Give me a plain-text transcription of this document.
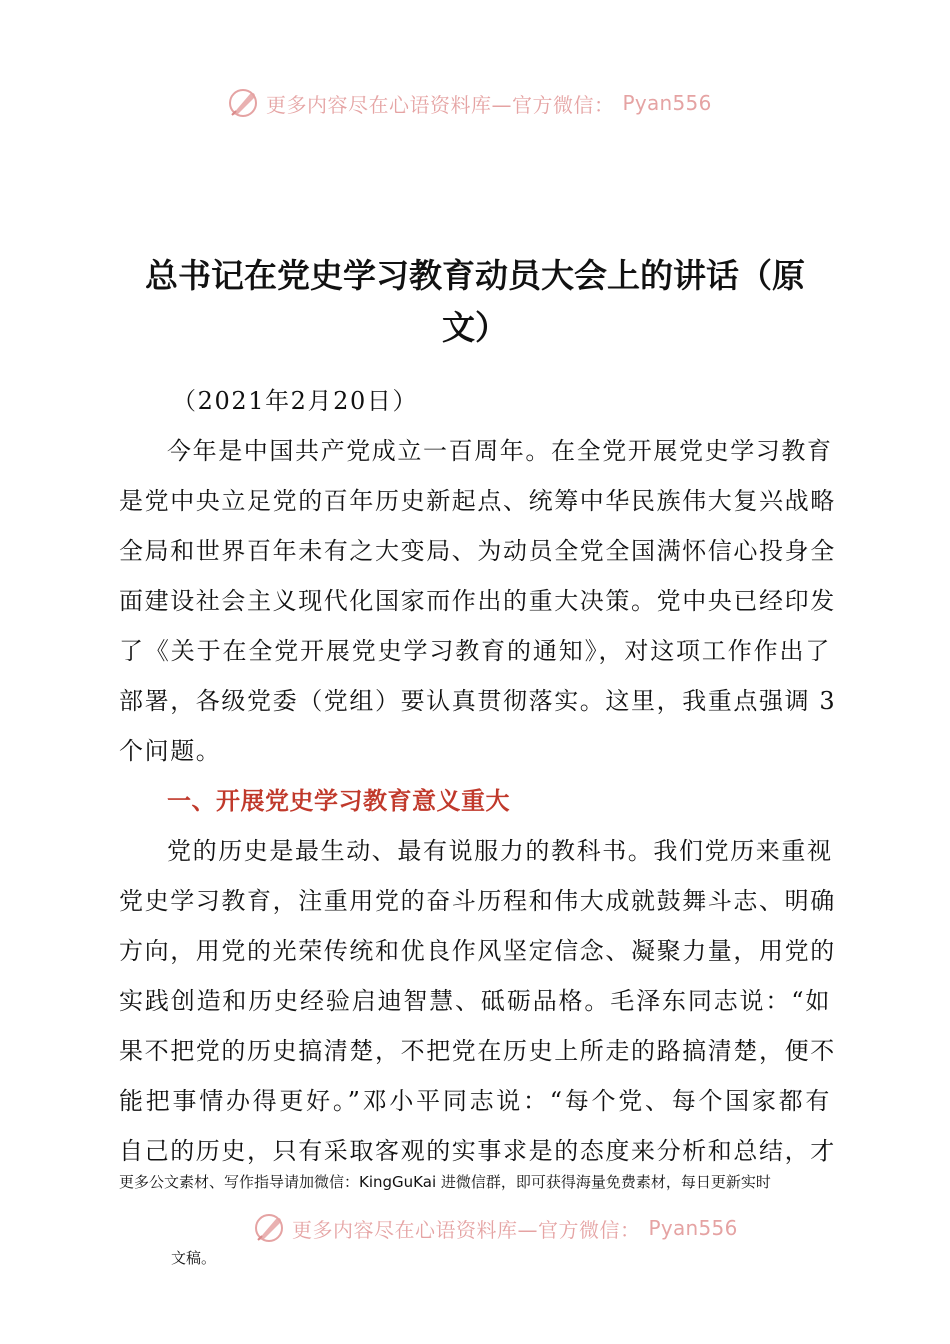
更多内容尽在心语资料库—官方微信： Pyan556
总书记在党史学习教育动员大会上的讲话（原
文）
（2021年2月20日）
今年是中国共产党成立一百周年。在全党开展党史学习教育
是党中央立足党的百年历史新起点、统筹中华民族伟大复兴战略
全局和世界百年未有之大变局、为动员全党全国满怀信心投身全
面建设社会主义现代化国家而作出的重大决策。党中央已经印发
了《关于在全党开展党史学习教育的通知》，对这项工作作出了
部署，各级党委（党组）要认真贯彻落实。这里，我重点强调 3
个问题。
一、开展党史学习教育意义重大
党的历史是最生动、最有说服力的教科书。我们党历来重视
党史学习教育，注重用党的奋斗历程和伟大成就鼓舞斗志、明确
方向，用党的光荣传统和优良作风坚定信念、凝聚力量，用党的
实践创造和历史经验启迪智慧、砥砺品格。毛泽东同志说：“如
果不把党的历史搞清楚，不把党在历史上所走的路搞清楚，便不
能把事情办得更好。”邓小平同志说：“每个党、每个国家都有
自己的历史，只有采取客观的实事求是的态度来分析和总结，才
更多公文素材、写作指导请加微信：KingGuKai 进微信群，即可获得海量免费素材，每日更新实时
更多内容尽在心语资料库—官方微信： Pyan556
文稿。
